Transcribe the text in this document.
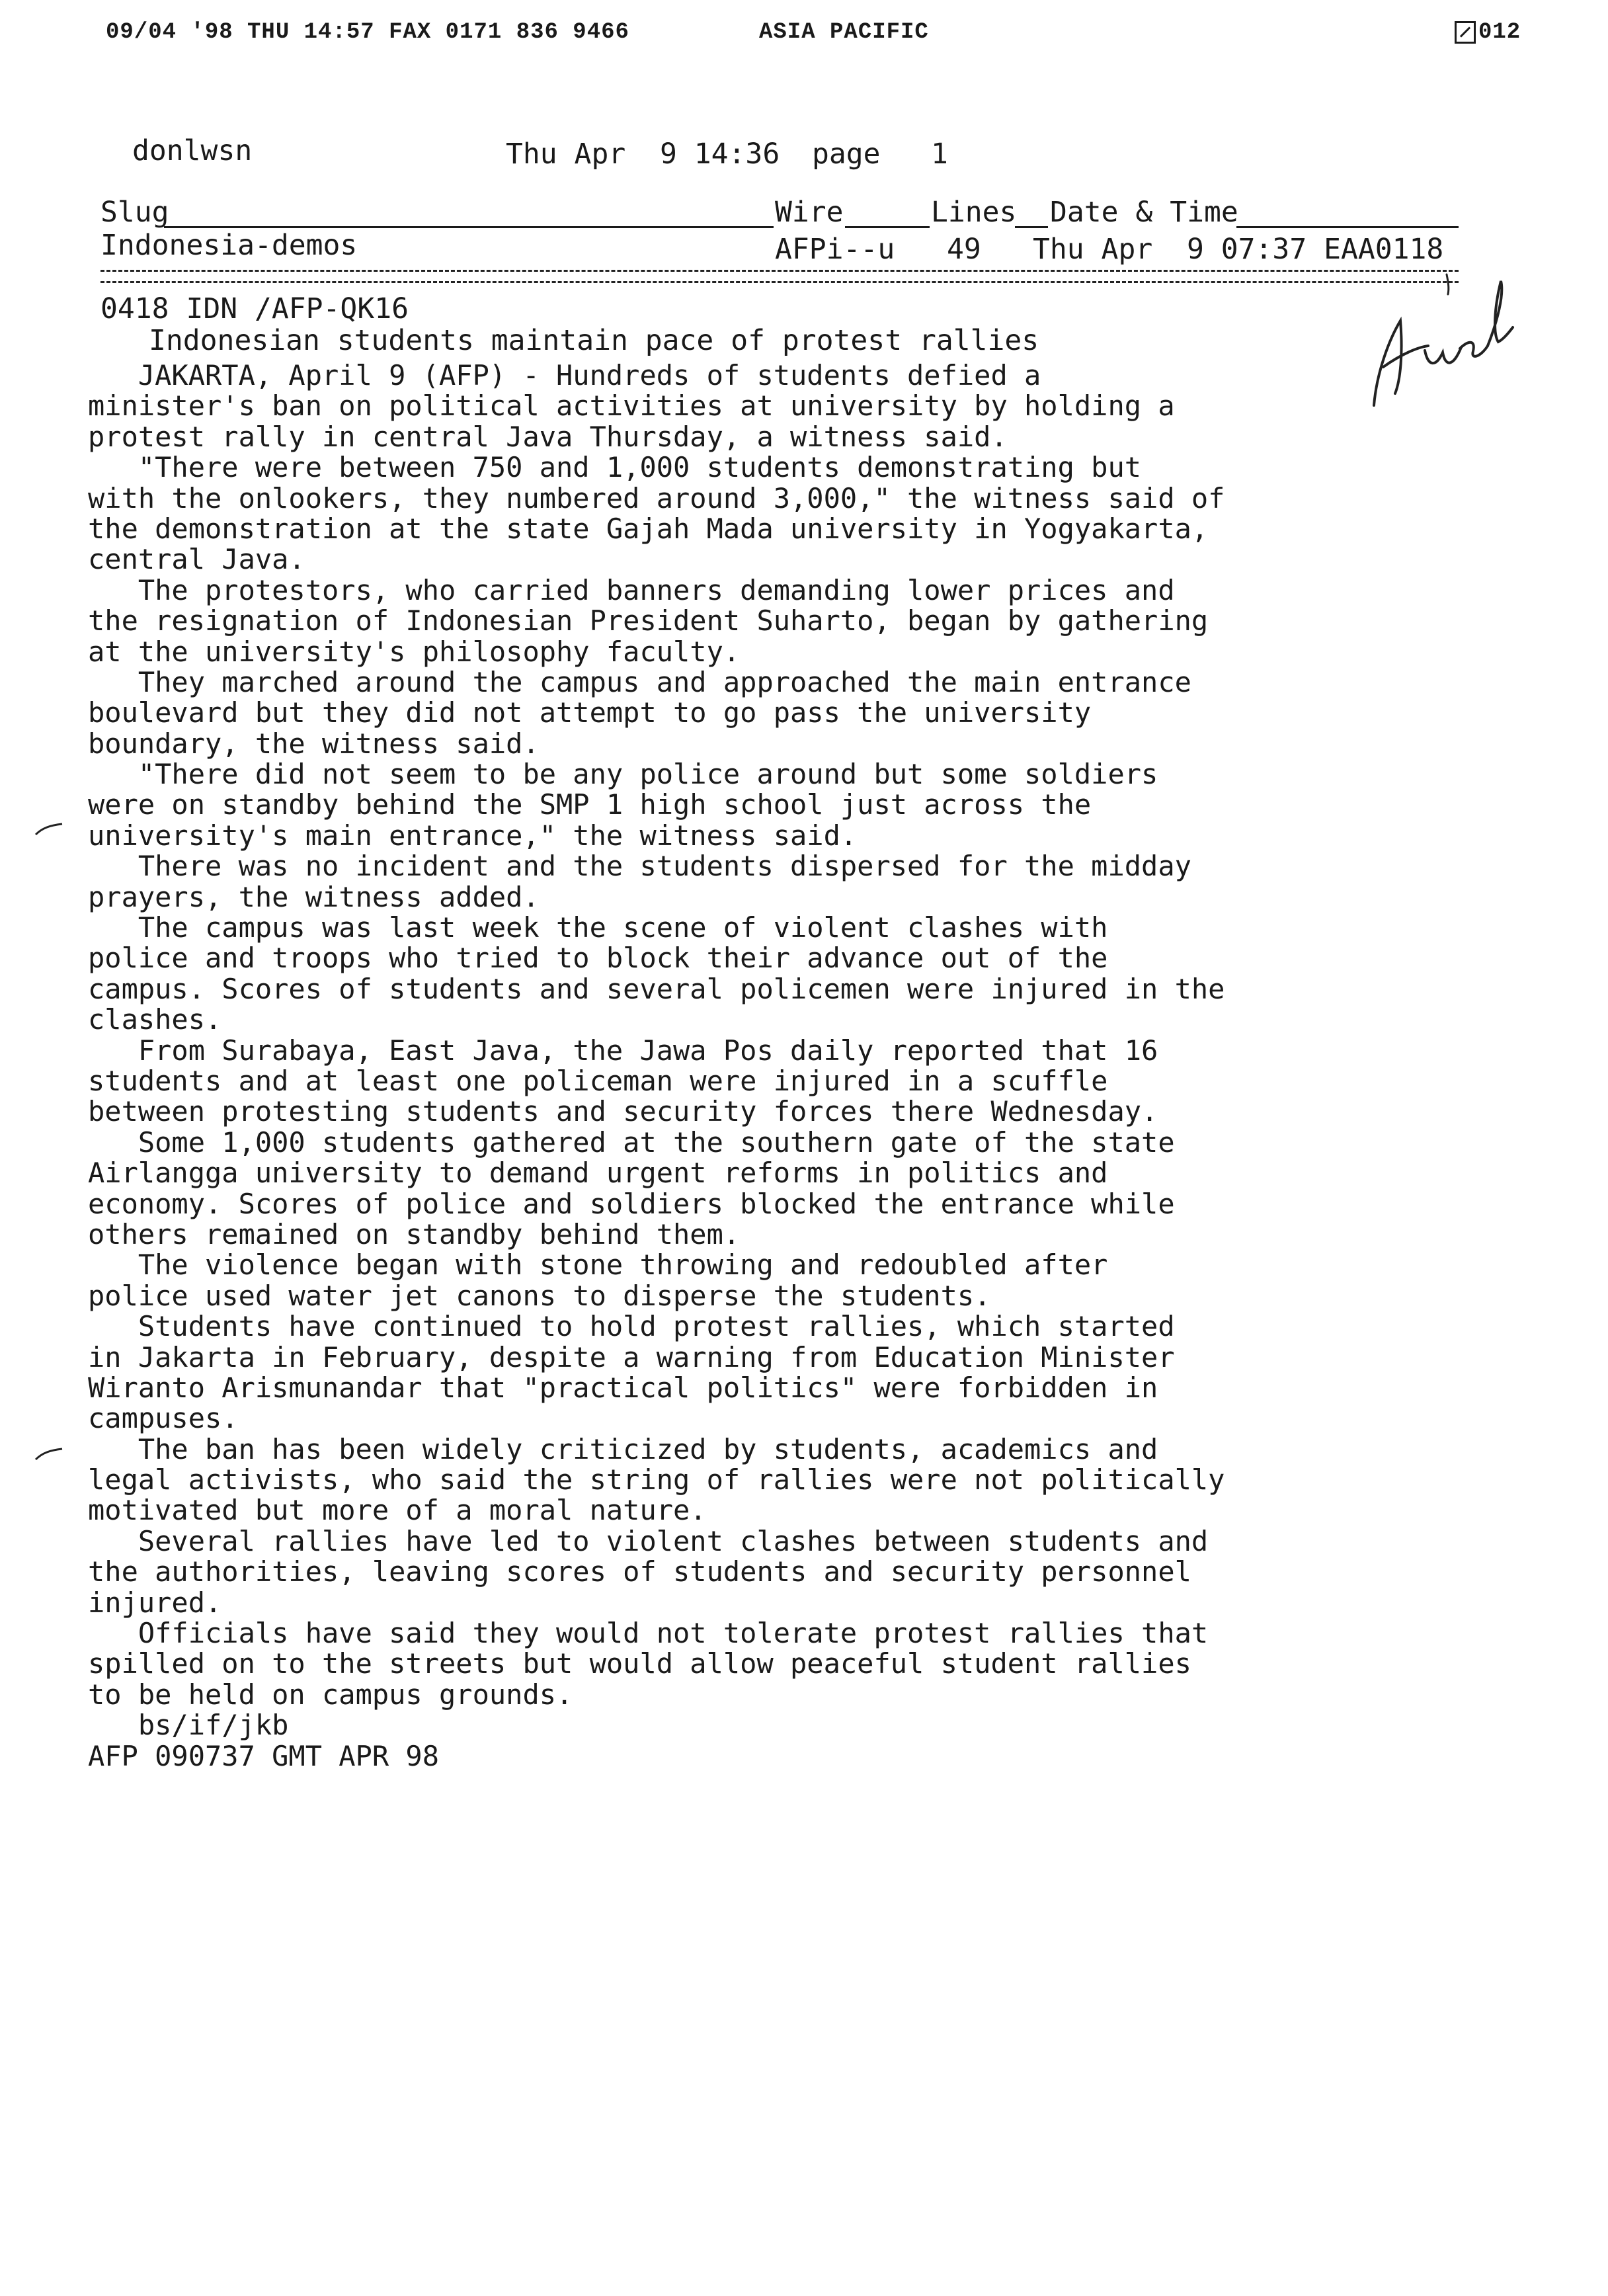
09/04 '98 THU 14:57 FAX 0171 836 9466	ASIA PACIFIC

	012
donlwsn	Thu Apr  9 14:36 page 1
Slug	Wire	Lines Date & Time
Indonesia-demos	AFPi--u 49 Thu Apr  9 07:37 EAA0118
0418 IDN /AFP-QK16
Indonesian students maintain pace of protest rallies
JAKARTA, April 9 (AFP) - Hundreds of students defied a
minister's ban on political activities at university by holding a
protest rally in central Java Thursday, a witness said.
"There were between 750 and 1,000 students demonstrating but
with the onlookers, they numbered around 3,000," the witness said of
the demonstration at the state Gajah Mada university in Yogyakarta,
central Java.
The protestors, who carried banners demanding lower prices and
the resignation of Indonesian President Suharto, began by gathering
at the university's philosophy faculty.
They marched around the campus and approached the main entrance
boulevard but they did not attempt to go pass the university
boundary, the witness said.
"There did not seem to be any police around but some soldiers
were on standby behind the SMP 1 high school just across the
university's main entrance," the witness said.
There was no incident and the students dispersed for the midday
prayers, the witness added.
The campus was last week the scene of violent clashes with
police and troops who tried to block their advance out of the
campus. Scores of students and several policemen were injured in the
clashes.
From Surabaya, East Java, the Jawa Pos daily reported that 16
students and at least one policeman were injured in a scuffle
between protesting students and security forces there Wednesday.
Some 1,000 students gathered at the southern gate of the state
Airlangga university to demand urgent reforms in politics and
economy. Scores of police and soldiers blocked the entrance while
others remained on standby behind them.
The violence began with stone throwing and redoubled after
police used water jet canons to disperse the students.
Students have continued to hold protest rallies, which started
in Jakarta in February, despite a warning from Education Minister
Wiranto Arismunandar that "practical politics" were forbidden in
campuses.
The ban has been widely criticized by students, academics and
legal activists, who said the string of rallies were not politically
motivated but more of a moral nature.
Several rallies have led to violent clashes between students and
the authorities, leaving scores of students and security personnel
injured.
Officials have said they would not tolerate protest rallies that
spilled on to the streets but would allow peaceful student rallies
to be held on campus grounds.
bs/if/jkb
AFP 090737 GMT APR 98
